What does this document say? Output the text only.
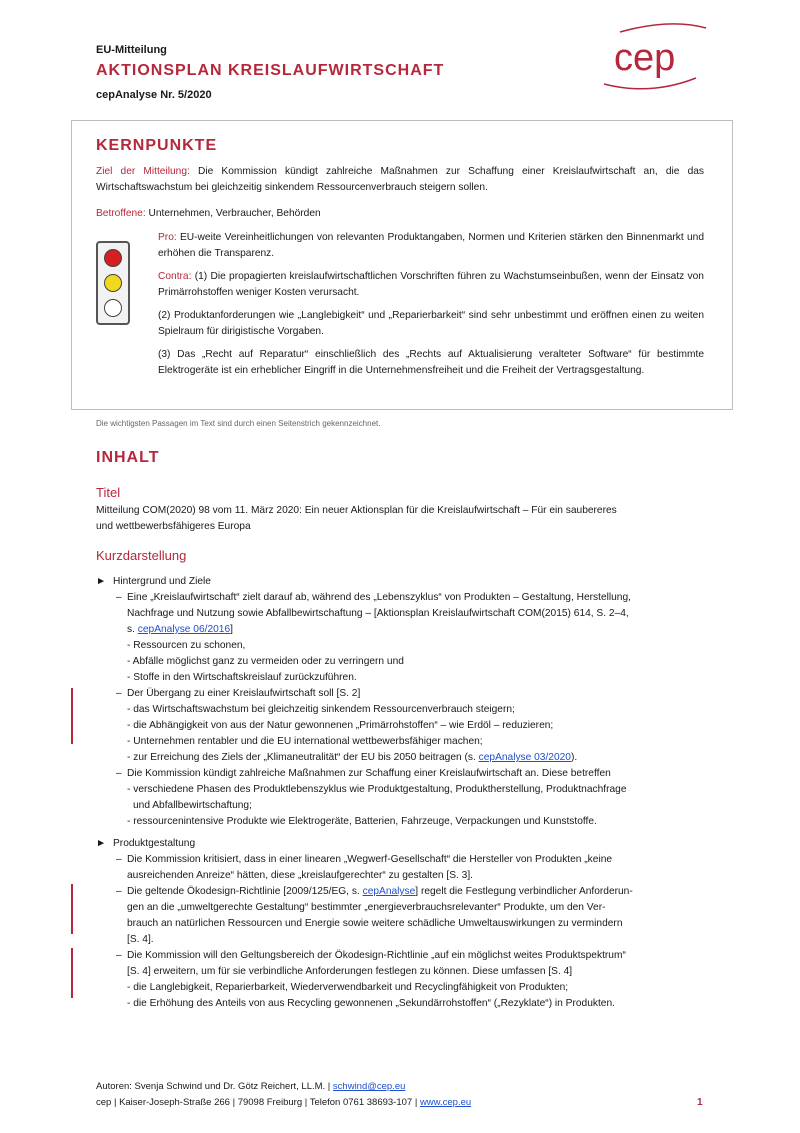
EU-Mitteilung
AKTIONSPLAN KREISLAUFWIRTSCHAFT
cepAnalyse Nr. 5/2020
cep
KERNPUNKTE
Ziel der Mitteilung: Die Kommission kündigt zahlreiche Maßnahmen zur Schaffung einer Kreislaufwirtschaft an, die das Wirtschaftswachstum bei gleichzeitig sinkendem Ressourcenverbrauch steigern sollen.
Betroffene: Unternehmen, Verbraucher, Behörden
Pro: EU-weite Vereinheitlichungen von relevanten Produktangaben, Normen und Kriterien stärken den Binnenmarkt und erhöhen die Transparenz.
Contra: (1) Die propagierten kreislaufwirtschaftlichen Vorschriften führen zu Wachstumseinbußen, wenn der Einsatz von Primärrohstoffen weniger Kosten verursacht.
(2) Produktanforderungen wie „Langlebigkeit“ und „Reparierbarkeit“ sind sehr unbestimmt und eröffnen einen zu weiten Spielraum für dirigistische Vorgaben.
(3) Das „Recht auf Reparatur“ einschließlich des „Rechts auf Aktualisierung veralteter Software“ für bestimmte Elektrogeräte ist ein erheblicher Eingriff in die Unternehmensfreiheit und die Freiheit der Vertragsgestaltung.
Die wichtigsten Passagen im Text sind durch einen Seitenstrich gekennzeichnet.
INHALT
Titel
Mitteilung COM(2020) 98 vom 11. März 2020: Ein neuer Aktionsplan für die Kreislaufwirtschaft – Für ein saubereres
und wettbewerbsfähigeres Europa
Kurzdarstellung
► Hintergrund und Ziele
– Eine „Kreislaufwirtschaft“ zielt darauf ab, während des „Lebenszyklus“ von Produkten – Gestaltung, Herstellung,
Nachfrage und Nutzung sowie Abfallbewirtschaftung – [Aktionsplan Kreislaufwirtschaft COM(2015) 614, S. 2–4,
s. cepAnalyse 06/2016]
- Ressourcen zu schonen,
- Abfälle möglichst ganz zu vermeiden oder zu verringern und
- Stoffe in den Wirtschaftskreislauf zurückzuführen.
– Der Übergang zu einer Kreislaufwirtschaft soll [S. 2]
- das Wirtschaftswachstum bei gleichzeitig sinkendem Ressourcenverbrauch steigern;
- die Abhängigkeit von aus der Natur gewonnenen „Primärrohstoffen“ – wie Erdöl – reduzieren;
- Unternehmen rentabler und die EU international wettbewerbsfähiger machen;
- zur Erreichung des Ziels der „Klimaneutralität“ der EU bis 2050 beitragen (s. cepAnalyse 03/2020).
– Die Kommission kündigt zahlreiche Maßnahmen zur Schaffung einer Kreislaufwirtschaft an. Diese betreffen
- verschiedene Phasen des Produktlebenszyklus wie Produktgestaltung, Produktherstellung, Produktnachfrage
und Abfallbewirtschaftung;
- ressourcenintensive Produkte wie Elektrogeräte, Batterien, Fahrzeuge, Verpackungen und Kunststoffe.
► Produktgestaltung
– Die Kommission kritisiert, dass in einer linearen „Wegwerf-Gesellschaft“ die Hersteller von Produkten „keine
ausreichenden Anreize“ hätten, diese „kreislaufgerechter“ zu gestalten [S. 3].
– Die geltende Ökodesign-Richtlinie [2009/125/EG, s. cepAnalyse] regelt die Festlegung verbindlicher Anforderun-
gen an die „umweltgerechte Gestaltung“ bestimmter „energieverbrauchsrelevanter“ Produkte, um den Ver-
brauch an natürlichen Ressourcen und Energie sowie weitere schädliche Umweltauswirkungen zu vermindern
[S. 4].
– Die Kommission will den Geltungsbereich der Ökodesign-Richtlinie „auf ein möglichst weites Produktspektrum“
[S. 4] erweitern, um für sie verbindliche Anforderungen festlegen zu können. Diese umfassen [S. 4]
- die Langlebigkeit, Reparierbarkeit, Wiederverwendbarkeit und Recyclingfähigkeit von Produkten;
- die Erhöhung des Anteils von aus Recycling gewonnenen „Sekundärrohstoffen“ („Rezyklate“) in Produkten.
Autoren: Svenja Schwind und Dr. Götz Reichert, LL.M. | schwind@cep.eu
cep | Kaiser-Joseph-Straße 266 | 79098 Freiburg | Telefon 0761 38693-107 | www.cep.eu	1
